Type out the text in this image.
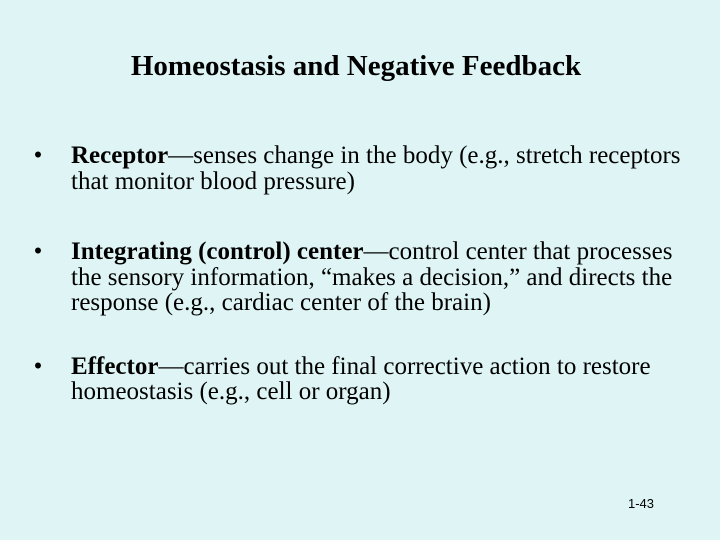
Homeostasis and Negative Feedback
• Receptor—senses change in the body (e.g., stretch receptors that monitor blood pressure)
• Integrating (control) center—control center that processes the sensory information, “makes a decision,” and directs the response (e.g., cardiac center of the brain)
• Effector—carries out the final corrective action to restore homeostasis (e.g., cell or organ)
1-43
